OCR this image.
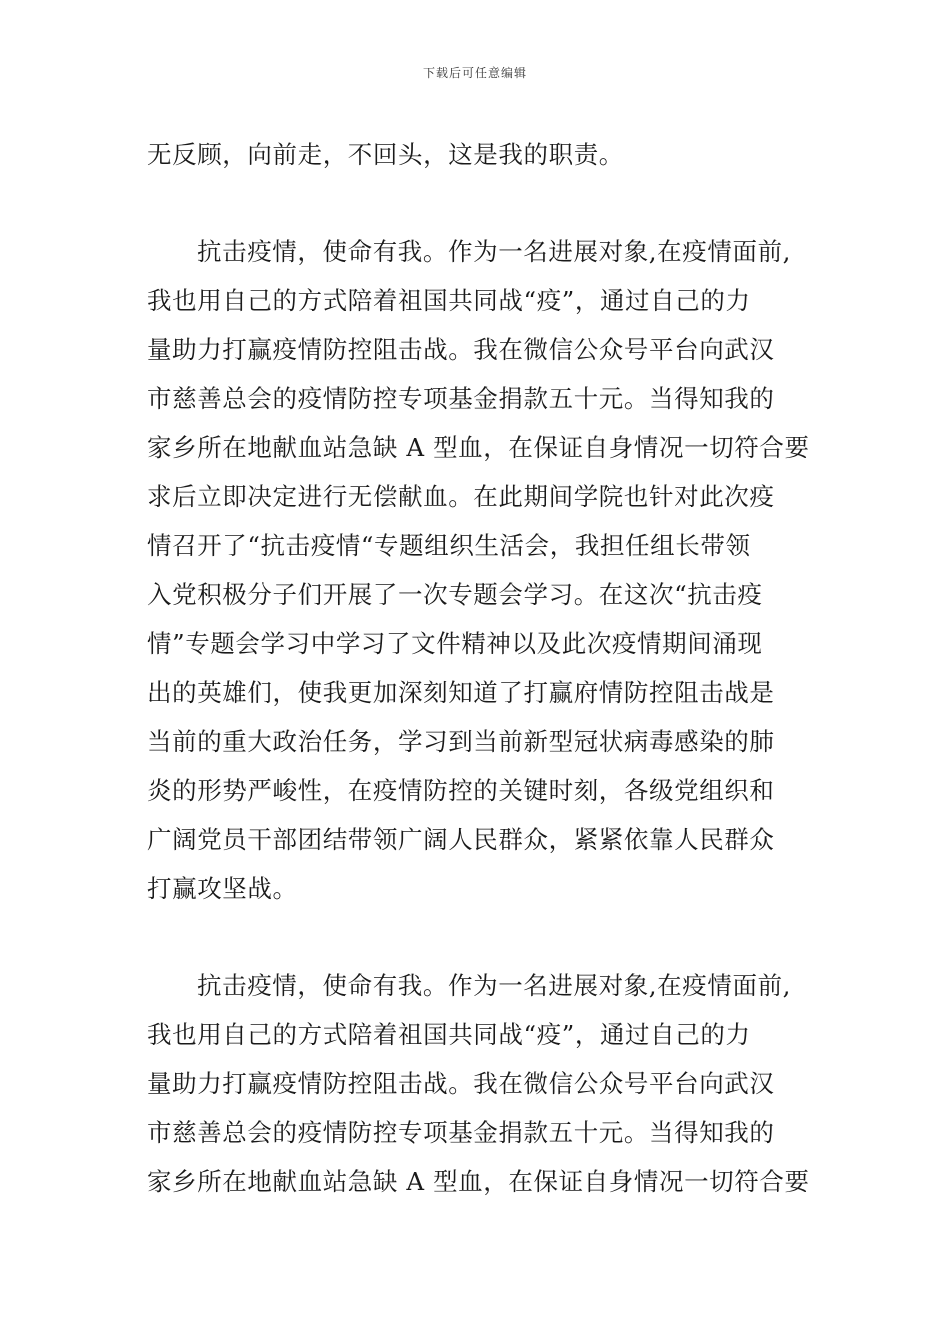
下载后可任意编辑
无反顾，向前走，不回头，这是我的职责。
抗击疫情，使命有我。作为一名进展对象,在疫情面前,
我也用自己的方式陪着祖国共同战“疫”，通过自己的力
量助力打赢疫情防控阻击战。我在微信公众号平台向武汉
市慈善总会的疫情防控专项基金捐款五十元。当得知我的
家乡所在地献血站急缺 A 型血，在保证自身情况一切符合要
求后立即决定进行无偿献血。在此期间学院也针对此次疫
情召开了“抗击疫情“专题组织生活会，我担任组长带领
入党积极分子们开展了一次专题会学习。在这次“抗击疫
情”专题会学习中学习了文件精神以及此次疫情期间涌现
出的英雄们，使我更加深刻知道了打赢府情防控阻击战是
当前的重大政治任务，学习到当前新型冠状病毒感染的肺
炎的形势严峻性，在疫情防控的关键时刻，各级党组织和
广阔党员干部团结带领广阔人民群众，紧紧依靠人民群众
打赢攻坚战。
抗击疫情，使命有我。作为一名进展对象,在疫情面前,
我也用自己的方式陪着祖国共同战“疫”，通过自己的力
量助力打赢疫情防控阻击战。我在微信公众号平台向武汉
市慈善总会的疫情防控专项基金捐款五十元。当得知我的
家乡所在地献血站急缺 A 型血，在保证自身情况一切符合要
